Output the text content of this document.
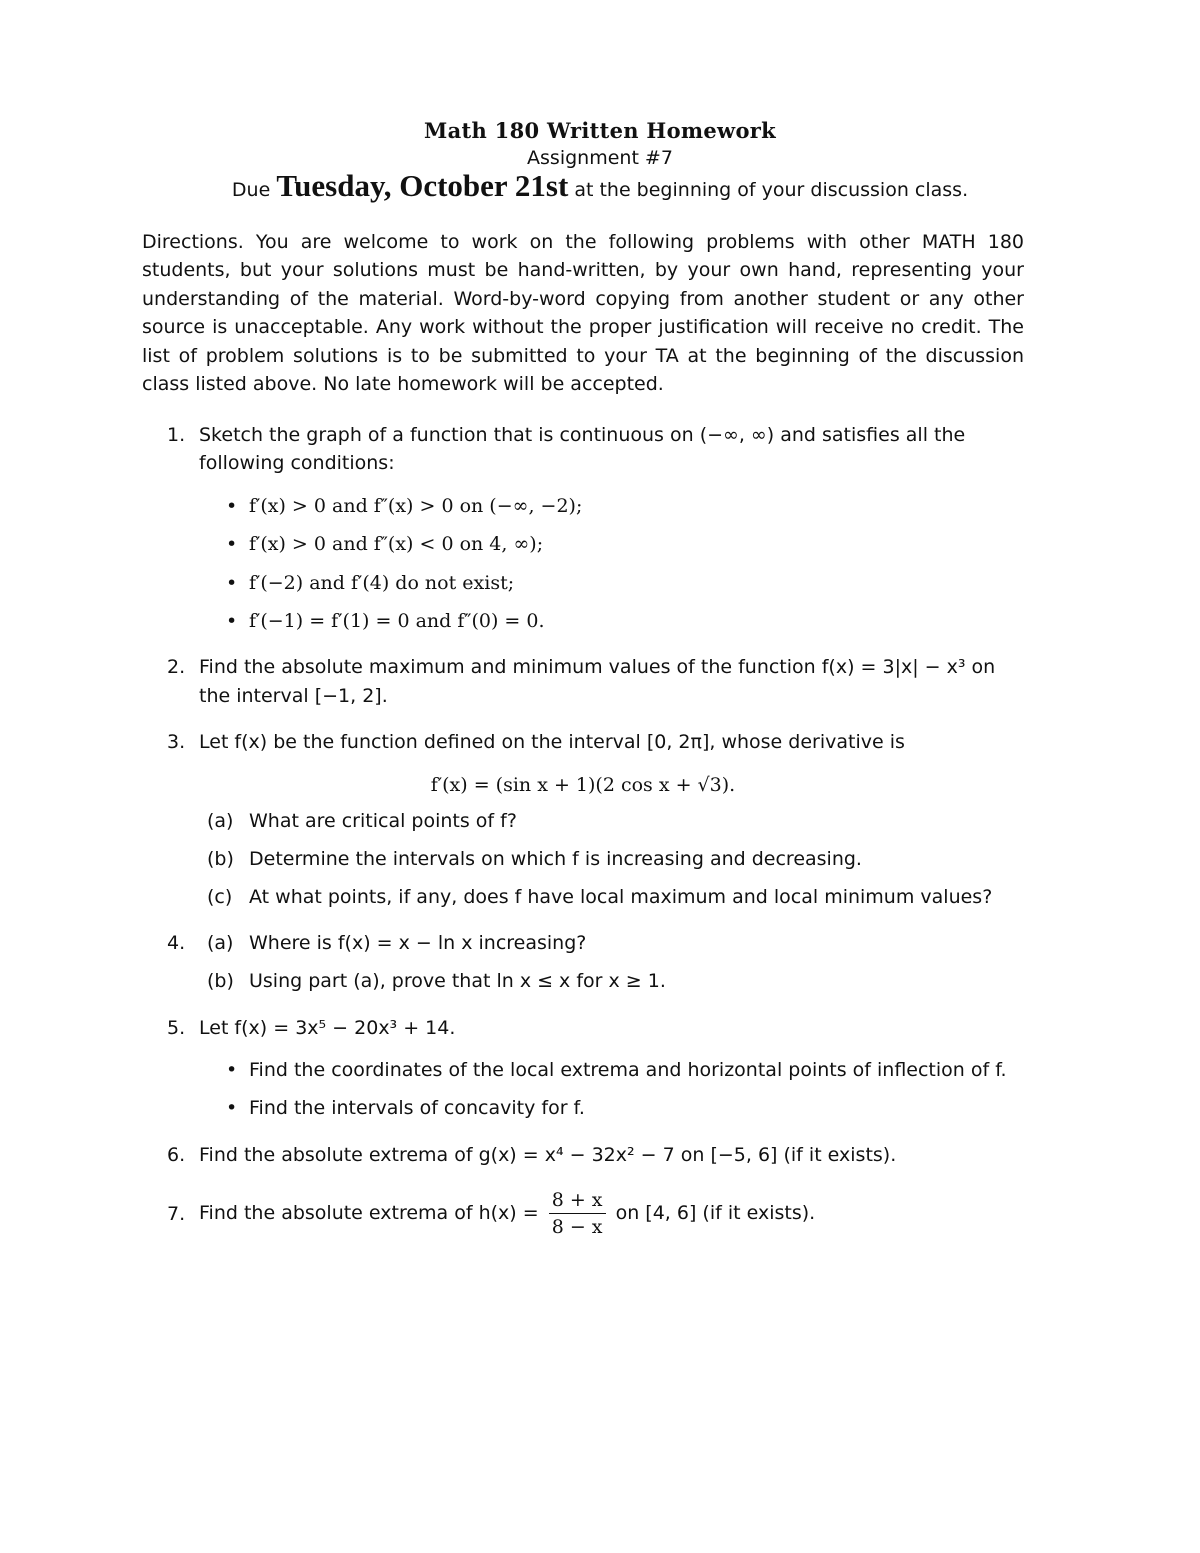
Math 180 Written Homework
Assignment #7
Due Tuesday, October 21st at the beginning of your discussion class.
Directions. You are welcome to work on the following problems with other MATH 180 students, but your solutions must be hand-written, by your own hand, representing your understanding of the material. Word-by-word copying from another student or any other source is unacceptable. Any work without the proper justification will receive no credit. The list of problem solutions is to be submitted to your TA at the beginning of the discussion class listed above. No late homework will be accepted.
1. Sketch the graph of a function that is continuous on (−∞, ∞) and satisfies all the following conditions:
• f′(x) > 0 and f″(x) > 0 on (−∞, −2);
• f′(x) > 0 and f″(x) < 0 on 4, ∞);
• f′(−2) and f′(4) do not exist;
• f′(−1) = f′(1) = 0 and f″(0) = 0.
2. Find the absolute maximum and minimum values of the function f(x) = 3|x| − x³ on the interval [−1, 2].
3. Let f(x) be the function defined on the interval [0, 2π], whose derivative is
f′(x) = (sin x + 1)(2 cos x + √3).
(a) What are critical points of f?
(b) Determine the intervals on which f is increasing and decreasing.
(c) At what points, if any, does f have local maximum and local minimum values?
4. (a) Where is f(x) = x − ln x increasing?
(b) Using part (a), prove that ln x ≤ x for x ≥ 1.
5. Let f(x) = 3x⁵ − 20x³ + 14.
• Find the coordinates of the local extrema and horizontal points of inflection of f.
• Find the intervals of concavity for f.
6. Find the absolute extrema of g(x) = x⁴ − 32x² − 7 on [−5, 6] (if it exists).
7. Find the absolute extrema of $h(x) = \frac{8 + x}{8 - x}$ on [4, 6] (if it exists).
